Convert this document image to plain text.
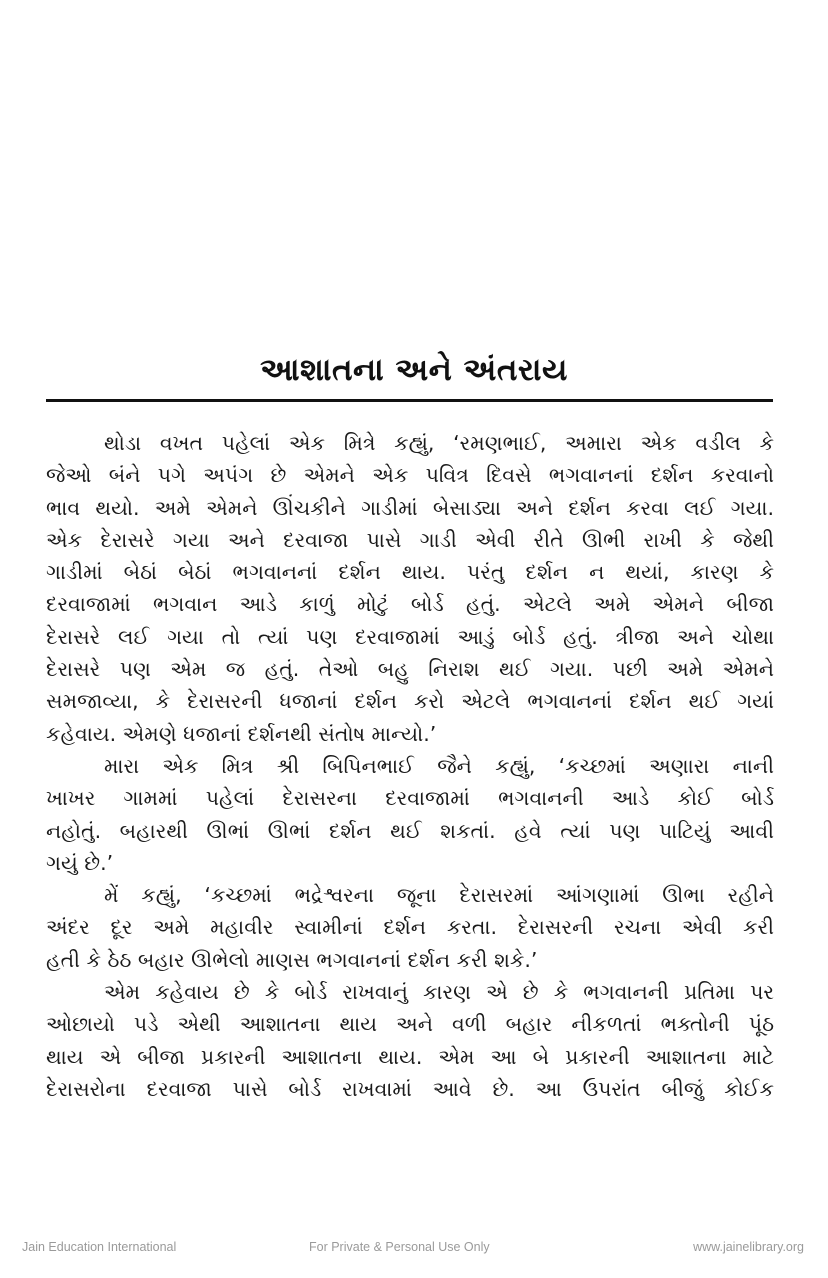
આશાતના અને અંતરાય
થોડા વખત પહેલાં એક મિત્રે કહ્યું, ‘રમણભાઈ, અમારા એક વડીલ કે
જેઓ બંને પગે અપંગ છે એમને એક પવિત્ર દિવસે ભગવાનનાં દર્શન કરવાનો
ભાવ થયો. અમે એમને ઊંચકીને ગાડીમાં બેસાડ્યા અને દર્શન કરવા લઈ ગયા.
એક દેરાસરે ગયા અને દરવાજા પાસે ગાડી એવી રીતે ઊભી રાખી કે જેથી
ગાડીમાં બેઠાં બેઠાં ભગવાનનાં દર્શન થાય. પરંતુ દર્શન ન થયાં, કારણ કે
દરવાજામાં ભગવાન આડે કાળું મોટું બોર્ડ હતું. એટલે અમે એમને બીજા
દેરાસરે લઈ ગયા તો ત્યાં પણ દરવાજામાં આડું બોર્ડ હતું. ત્રીજા અને ચોથા
દેરાસરે પણ એમ જ હતું. તેઓ બહુ નિરાશ થઈ ગયા. પછી અમે એમને
સમજાવ્યા, કે દેરાસરની ધજાનાં દર્શન કરો એટલે ભગવાનનાં દર્શન થઈ ગયાં
કહેવાય. એમણે ધજાનાં દર્શનથી સંતોષ માન્યો.’
મારા એક મિત્ર શ્રી બિપિનભાઈ જૈને કહ્યું, ‘કચ્છમાં અણારા નાની
ખાખર ગામમાં પહેલાં દેરાસરના દરવાજામાં ભગવાનની આડે કોઈ બોર્ડ
નહોતું. બહારથી ઊભાં ઊભાં દર્શન થઈ શકતાં. હવે ત્યાં પણ પાટિયું આવી
ગયું છે.’
મેં કહ્યું, ‘કચ્છમાં ભદ્રેશ્વરના જૂના દેરાસરમાં આંગણામાં ઊભા રહીને
અંદર દૂર અમે મહાવીર સ્વામીનાં દર્શન કરતા. દેરાસરની રચના એવી કરી
હતી કે ઠેઠ બહાર ઊભેલો માણસ ભગવાનનાં દર્શન કરી શકે.’
એમ કહેવાય છે કે બોર્ડ રાખવાનું કારણ એ છે કે ભગવાનની પ્રતિમા પર
ઓછાયો પડે એથી આશાતના થાય અને વળી બહાર નીકળતાં ભક્તોની પૂંઠ
થાય એ બીજા પ્રકારની આશાતના થાય. એમ આ બે પ્રકારની આશાતના માટે
દેરાસરોના દરવાજા પાસે બોર્ડ રાખવામાં આવે છે. આ ઉપરાંત બીજું કોઈક
Jain Education International	For Private & Personal Use Only	www.jainelibrary.org
